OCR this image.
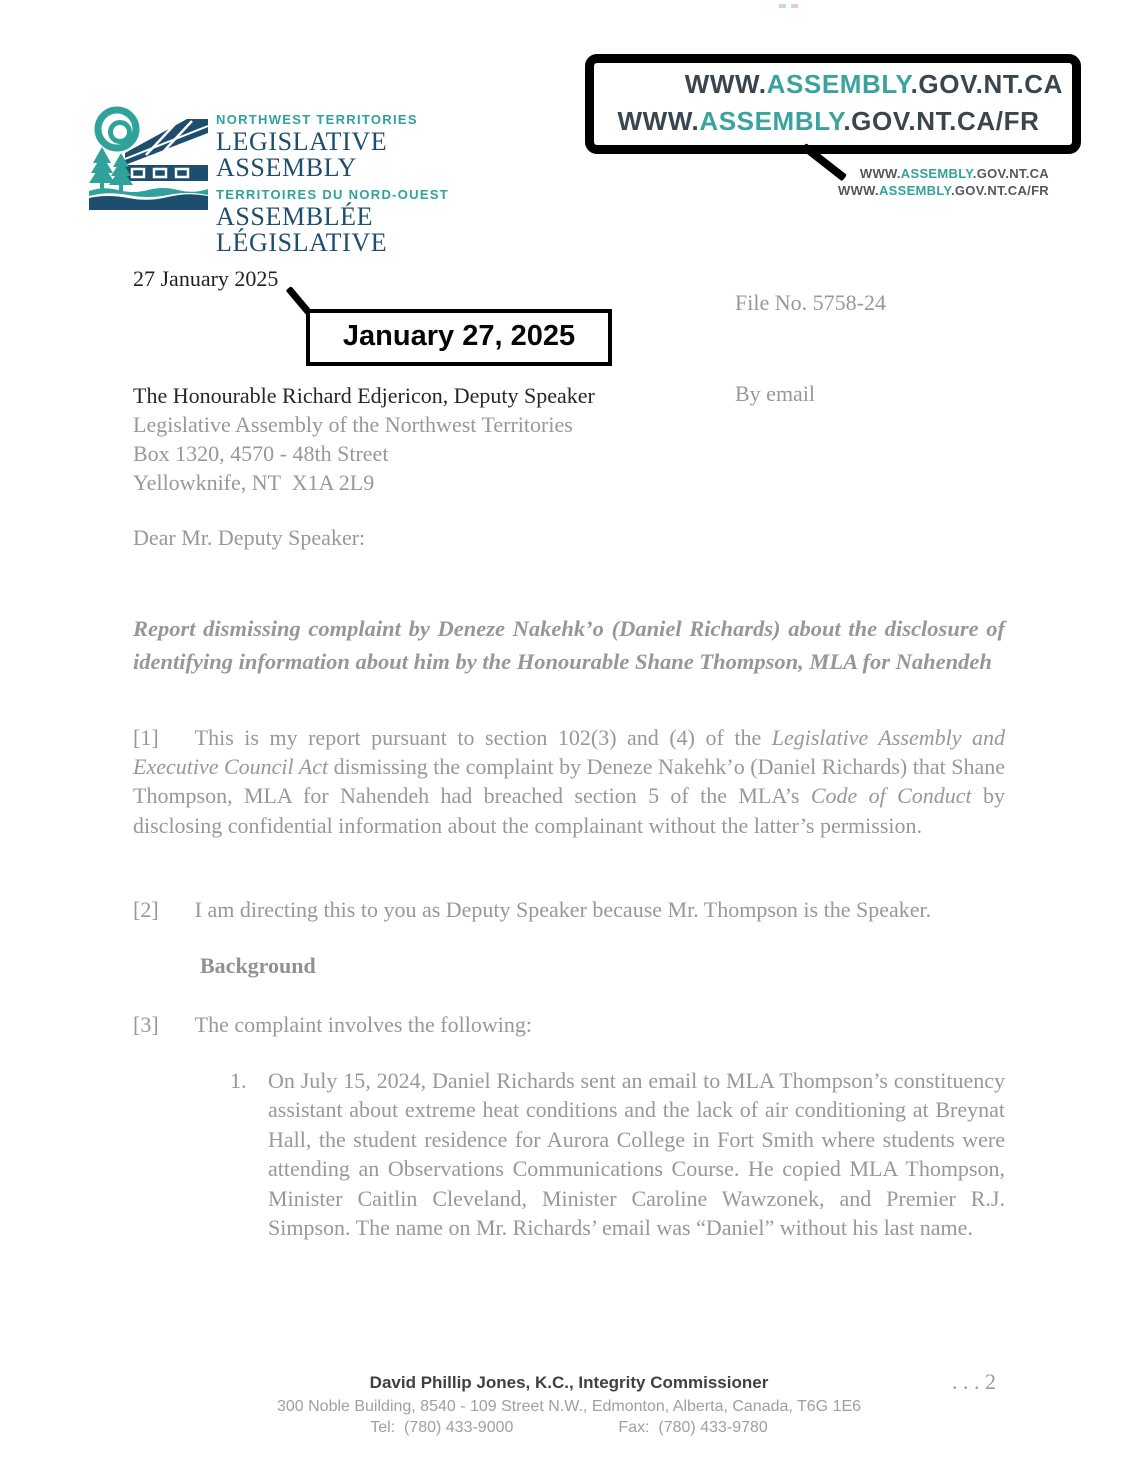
NORTHWEST TERRITORIES
LEGISLATIVE ASSEMBLY
TERRITOIRES DU NORD-OUEST
ASSEMBLÉE LÉGISLATIVE
WWW.ASSEMBLY.GOV.NT.CA
WWW.ASSEMBLY.GOV.NT.CA/FR
WWW.ASSEMBLY.GOV.NT.CA
WWW.ASSEMBLY.GOV.NT.CA/FR
27 January 2025
January 27, 2025
File No. 5758-24
The Honourable Richard Edjericon, Deputy Speaker
Legislative Assembly of the Northwest Territories
Box 1320, 4570 - 48th Street
Yellowknife, NT  X1A 2L9
By email
Dear Mr. Deputy Speaker:
Report dismissing complaint by Deneze Nakehk’o (Daniel Richards) about the disclosure of identifying information about him by the Honourable Shane Thompson, MLA for Nahendeh
[1] This is my report pursuant to section 102(3) and (4) of the Legislative Assembly and Executive Council Act dismissing the complaint by Deneze Nakehk’o (Daniel Richards) that Shane Thompson, MLA for Nahendeh had breached section 5 of the MLA’s Code of Conduct by disclosing confidential information about the complainant without the latter’s permission.
[2] I am directing this to you as Deputy Speaker because Mr. Thompson is the Speaker.
Background
[3] The complaint involves the following:
1. On July 15, 2024, Daniel Richards sent an email to MLA Thompson’s constituency assistant about extreme heat conditions and the lack of air conditioning at Breynat Hall, the student residence for Aurora College in Fort Smith where students were attending an Observations Communications Course. He copied MLA Thompson, Minister Caitlin Cleveland, Minister Caroline Wawzonek, and Premier R.J. Simpson. The name on Mr. Richards’ email was “Daniel” without his last name.
David Phillip Jones, K.C., Integrity Commissioner
300 Noble Building, 8540 - 109 Street N.W., Edmonton, Alberta, Canada, T6G 1E6
Tel:  (780) 433-9000	Fax:  (780) 433-9780
. . . 2
